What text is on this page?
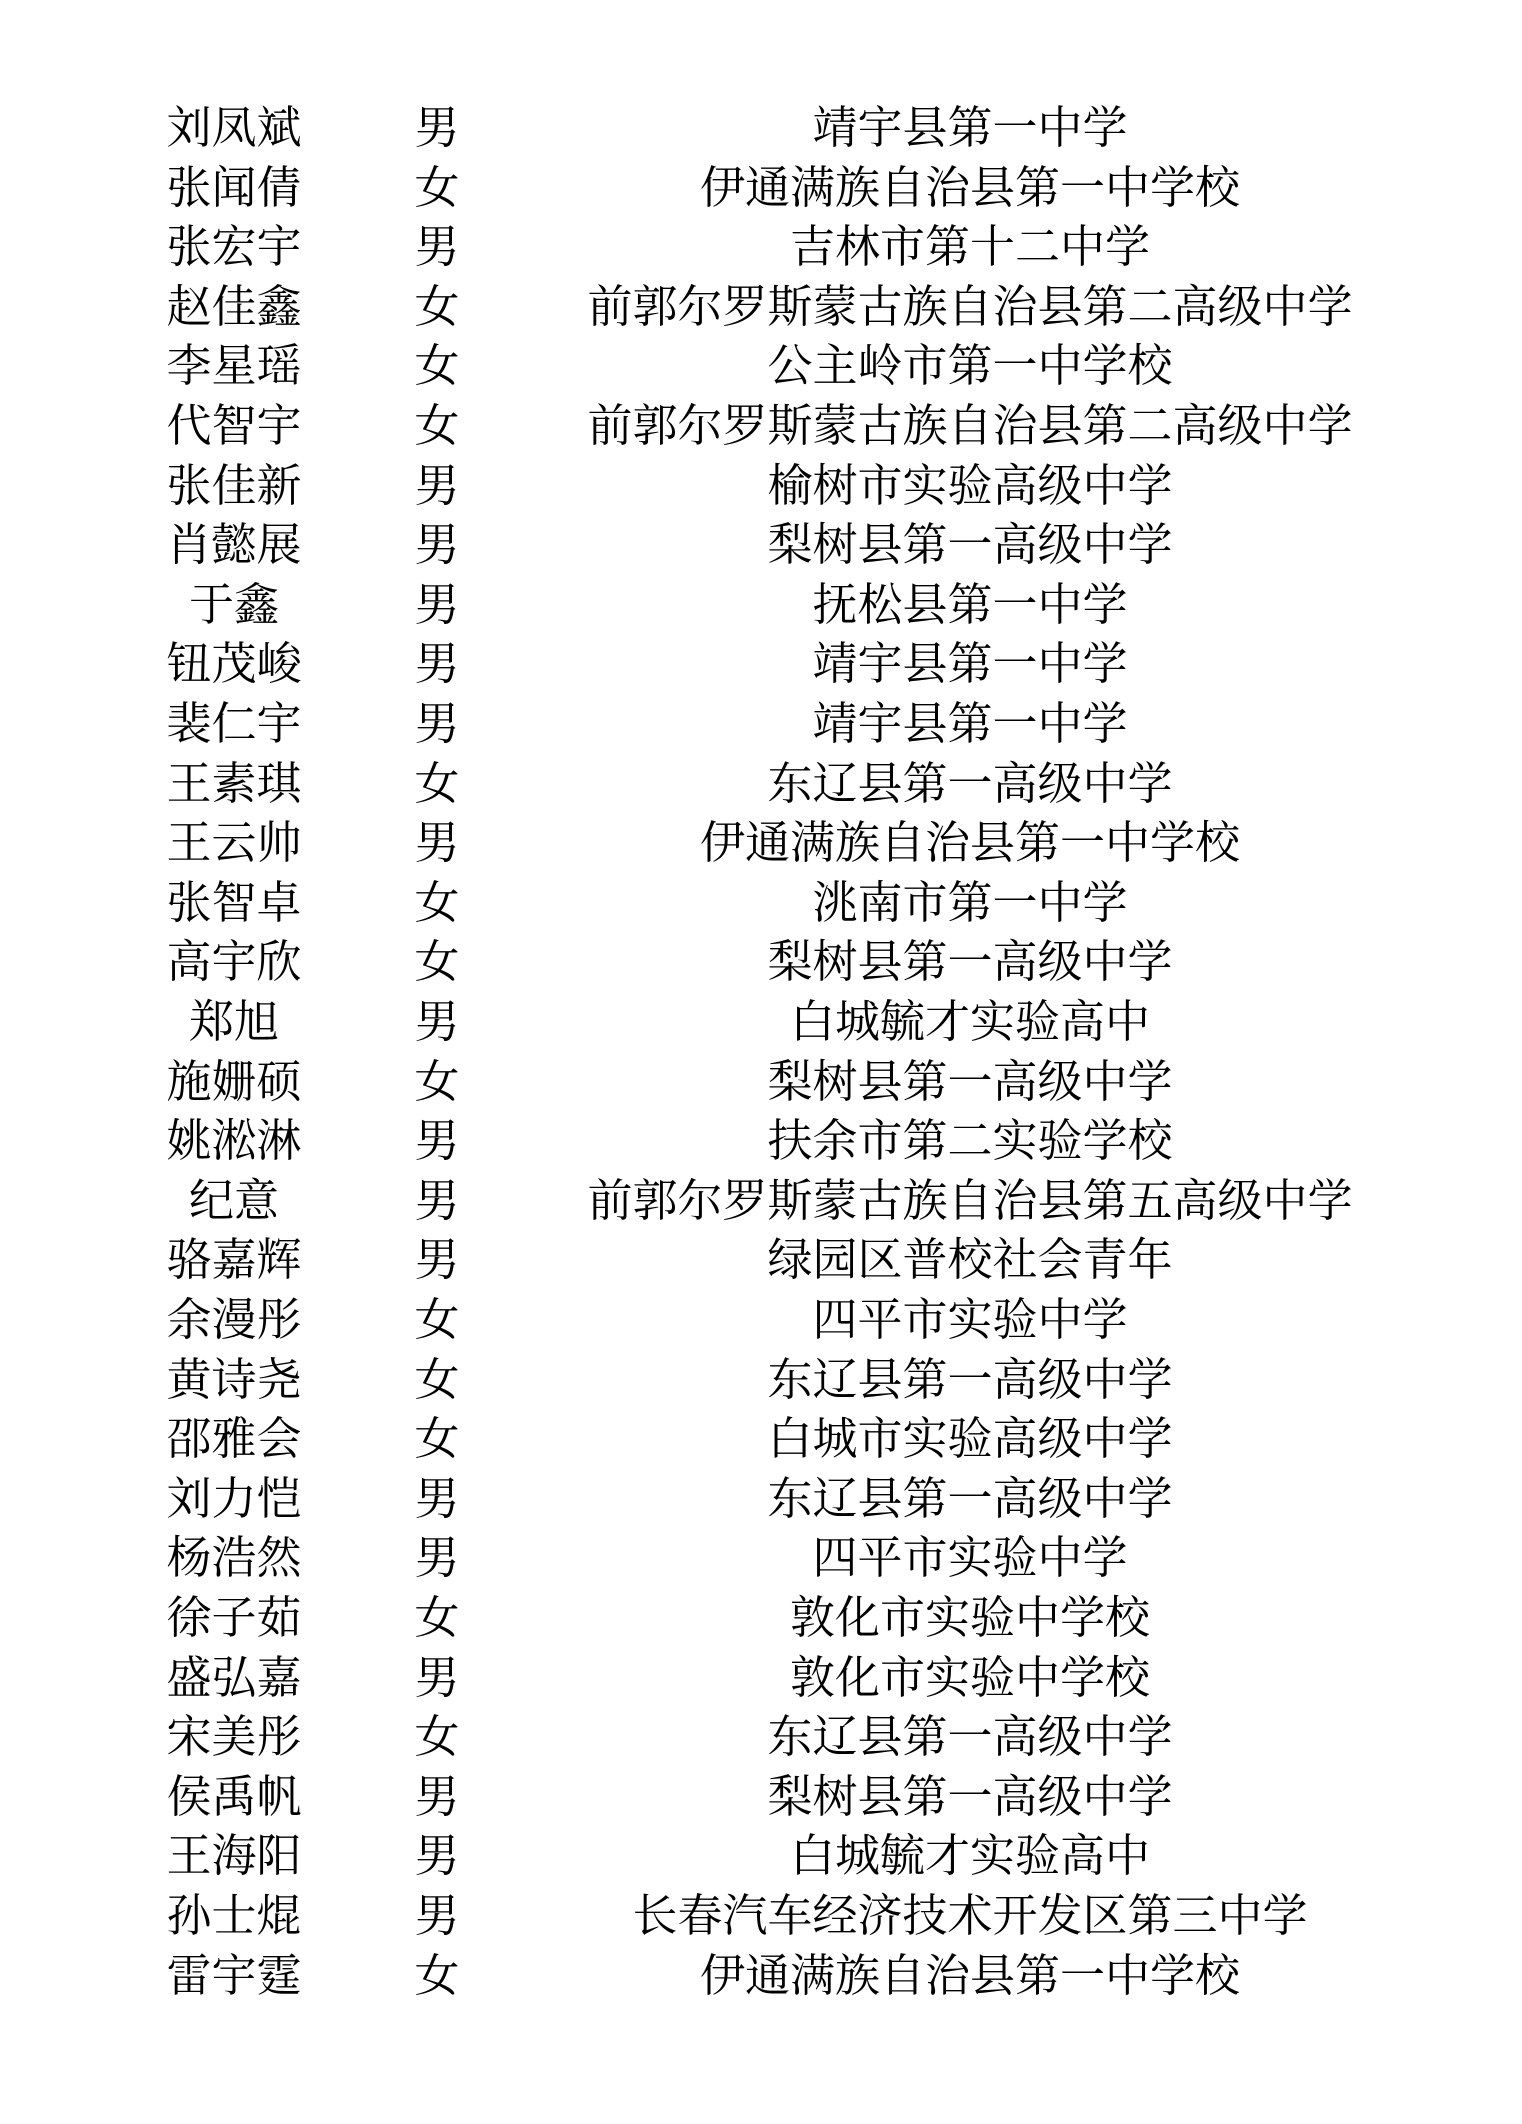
刘凤斌	男	靖宇县第一中学
张闻倩	女	伊通满族自治县第一中学校
张宏宇	男	吉林市第十二中学
赵佳鑫	女	前郭尔罗斯蒙古族自治县第二高级中学
李星瑶	女	公主岭市第一中学校
代智宇	女	前郭尔罗斯蒙古族自治县第二高级中学
张佳新	男	榆树市实验高级中学
肖懿展	男	梨树县第一高级中学
于鑫	男	抚松县第一中学
钮茂峻	男	靖宇县第一中学
裴仁宇	男	靖宇县第一中学
王素琪	女	东辽县第一高级中学
王云帅	男	伊通满族自治县第一中学校
张智卓	女	洮南市第一中学
高宇欣	女	梨树县第一高级中学
郑旭	男	白城毓才实验高中
施姗硕	女	梨树县第一高级中学
姚淞淋	男	扶余市第二实验学校
纪意	男	前郭尔罗斯蒙古族自治县第五高级中学
骆嘉辉	男	绿园区普校社会青年
余漫彤	女	四平市实验中学
黄诗尧	女	东辽县第一高级中学
邵雅会	女	白城市实验高级中学
刘力恺	男	东辽县第一高级中学
杨浩然	男	四平市实验中学
徐子茹	女	敦化市实验中学校
盛弘嘉	男	敦化市实验中学校
宋美彤	女	东辽县第一高级中学
侯禹帆	男	梨树县第一高级中学
王海阳	男	白城毓才实验高中
孙士焜	男	长春汽车经济技术开发区第三中学
雷宇霆	女	伊通满族自治县第一中学校
